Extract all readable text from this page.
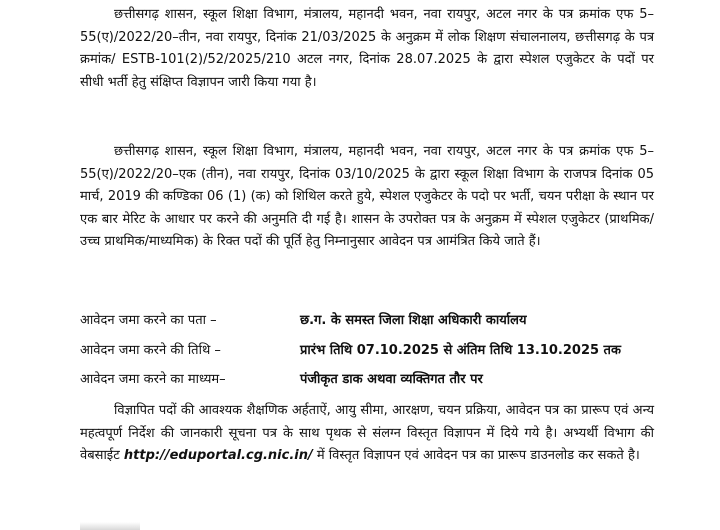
छत्तीसगढ़ शासन, स्कूल शिक्षा विभाग, मंत्रालय, महानदी भवन, नवा रायपुर, अटल नगर के पत्र क्रमांक एफ 5–55(ए)/2022/20–तीन, नवा रायपुर, दिनांक 21/03/2025 के अनुक्रम में लोक शिक्षण संचालनालय, छत्तीसगढ़ के पत्र क्रमांक/ ESTB-101(2)/52/2025/210 अटल नगर, दिनांक 28.07.2025 के द्वारा स्पेशल एजुकेटर के पदों पर सीधी भर्ती हेतु संक्षिप्त विज्ञापन जारी किया गया है।

छत्तीसगढ़ शासन, स्कूल शिक्षा विभाग, मंत्रालय, महानदी भवन, नवा रायपुर, अटल नगर के पत्र क्रमांक एफ 5–55(ए)/2022/20–एक (तीन), नवा रायपुर, दिनांक 03/10/2025 के द्वारा स्कूल शिक्षा विभाग के राजपत्र दिनांक 05 मार्च, 2019 की कण्डिका 06 (1) (क) को शिथिल करते हुये, स्पेशल एजुकेटर के पदो पर भर्ती, चयन परीक्षा के स्थान पर एक बार मेरिट के आधार पर करने की अनुमति दी गई है। शासन के उपरोक्त पत्र के अनुक्रम में स्पेशल एजुकेटर (प्राथमिक/उच्च प्राथमिक/माध्यमिक) के रिक्त पदों की पूर्ति हेतु निम्नानुसार आवेदन पत्र आमंत्रित किये जाते हैं।

आवेदन जमा करने का पता –	छ.ग. के समस्त जिला शिक्षा अधिकारी कार्यालय
आवेदन जमा करने की तिथि –	प्रारंभ तिथि 07.10.2025 से अंतिम तिथि 13.10.2025 तक
आवेदन जमा करने का माध्यम–	पंजीकृत डाक अथवा व्यक्तिगत तौर पर

विज्ञापित पदों की आवश्यक शैक्षणिक अर्हताऐं, आयु सीमा, आरक्षण, चयन प्रक्रिया, आवेदन पत्र का प्रारूप एवं अन्य महत्वपूर्ण निर्देश की जानकारी सूचना पत्र के साथ पृथक से संलग्न विस्तृत विज्ञापन में दिये गये है। अभ्यर्थी विभाग की वेबसाईट http://eduportal.cg.nic.in/ में विस्तृत विज्ञापन एवं आवेदन पत्र का प्रारूप डाउनलोड कर सकते है।
